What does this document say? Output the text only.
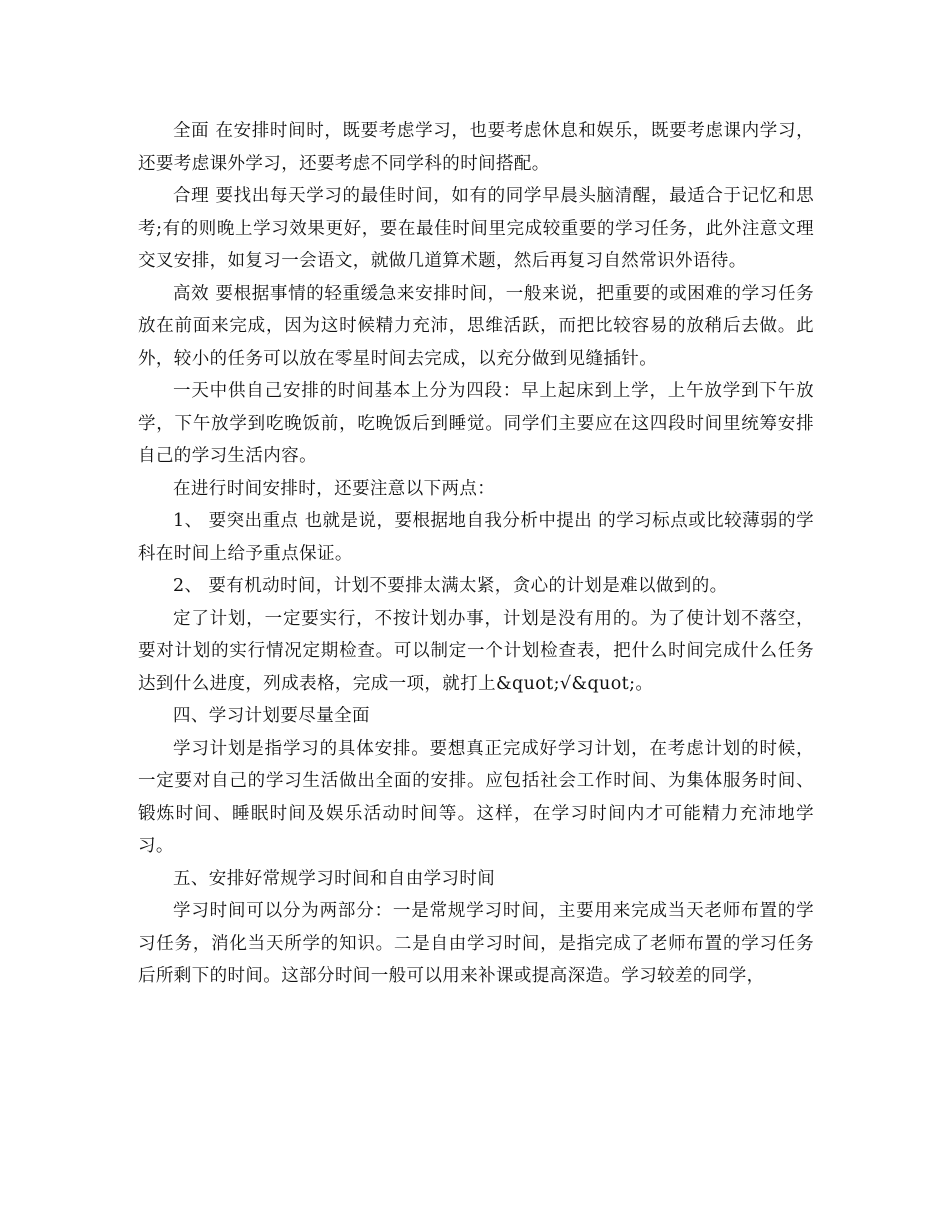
全面 在安排时间时，既要考虑学习，也要考虑休息和娱乐，既要考虑课内学习，还要考虑课外学习，还要考虑不同学科的时间搭配。

合理 要找出每天学习的最佳时间，如有的同学早晨头脑清醒，最适合于记忆和思考;有的则晚上学习效果更好，要在最佳时间里完成较重要的学习任务，此外注意文理交叉安排，如复习一会语文，就做几道算术题，然后再复习自然常识外语待。

高效 要根据事情的轻重缓急来安排时间，一般来说，把重要的或困难的学习任务放在前面来完成，因为这时候精力充沛，思维活跃，而把比较容易的放稍后去做。此外，较小的任务可以放在零星时间去完成，以充分做到见缝插针。

一天中供自己安排的时间基本上分为四段：早上起床到上学，上午放学到下午放学，下午放学到吃晚饭前，吃晚饭后到睡觉。同学们主要应在这四段时间里统筹安排自己的学习生活内容。

在进行时间安排时，还要注意以下两点：

1、 要突出重点 也就是说，要根据地自我分析中提出 的学习标点或比较薄弱的学科在时间上给予重点保证。

2、 要有机动时间，计划不要排太满太紧，贪心的计划是难以做到的。

定了计划，一定要实行，不按计划办事，计划是没有用的。为了使计划不落空，要对计划的实行情况定期检查。可以制定一个计划检查表，把什么时间完成什么任务达到什么进度，列成表格，完成一项，就打上&quot;√&quot;。

四、学习计划要尽量全面

学习计划是指学习的具体安排。要想真正完成好学习计划，在考虑计划的时候，一定要对自己的学习生活做出全面的安排。应包括社会工作时间、为集体服务时间、锻炼时间、睡眠时间及娱乐活动时间等。这样，在学习时间内才可能精力充沛地学习。

五、安排好常规学习时间和自由学习时间

学习时间可以分为两部分：一是常规学习时间，主要用来完成当天老师布置的学习任务，消化当天所学的知识。二是自由学习时间，是指完成了老师布置的学习任务后所剩下的时间。这部分时间一般可以用来补课或提高深造。学习较差的同学，
